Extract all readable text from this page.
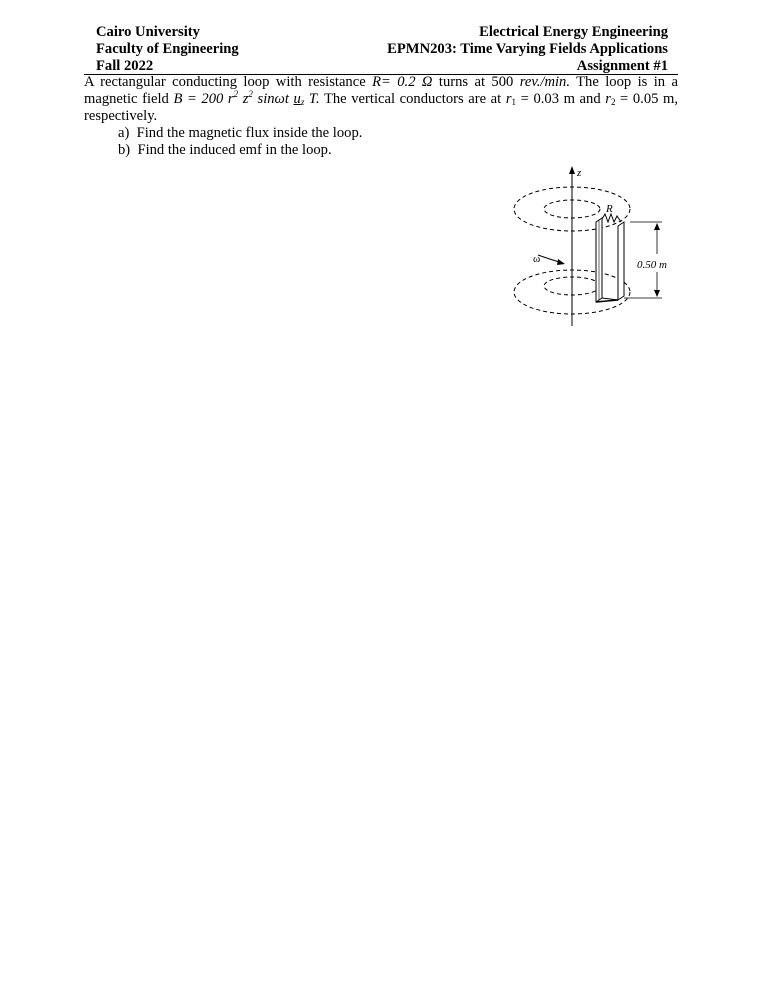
Cairo University
Faculty of Engineering
Fall 2022
Electrical Energy Engineering
EPMN203: Time Varying Fields Applications
Assignment #1

A rectangular conducting loop with resistance R= 0.2 Ω turns at 500 rev./min. The loop is in a
magnetic field B = 200 $r^2$ $z^2$ sinωt $u_z$ T. The vertical conductors are at $r_1 = 0.03$ m and $r_2 = 0.05$ m,
respectively.

a) Find the magnetic flux inside the loop.
b) Find the induced emf in the loop.
z
R
ω	0.50 m
